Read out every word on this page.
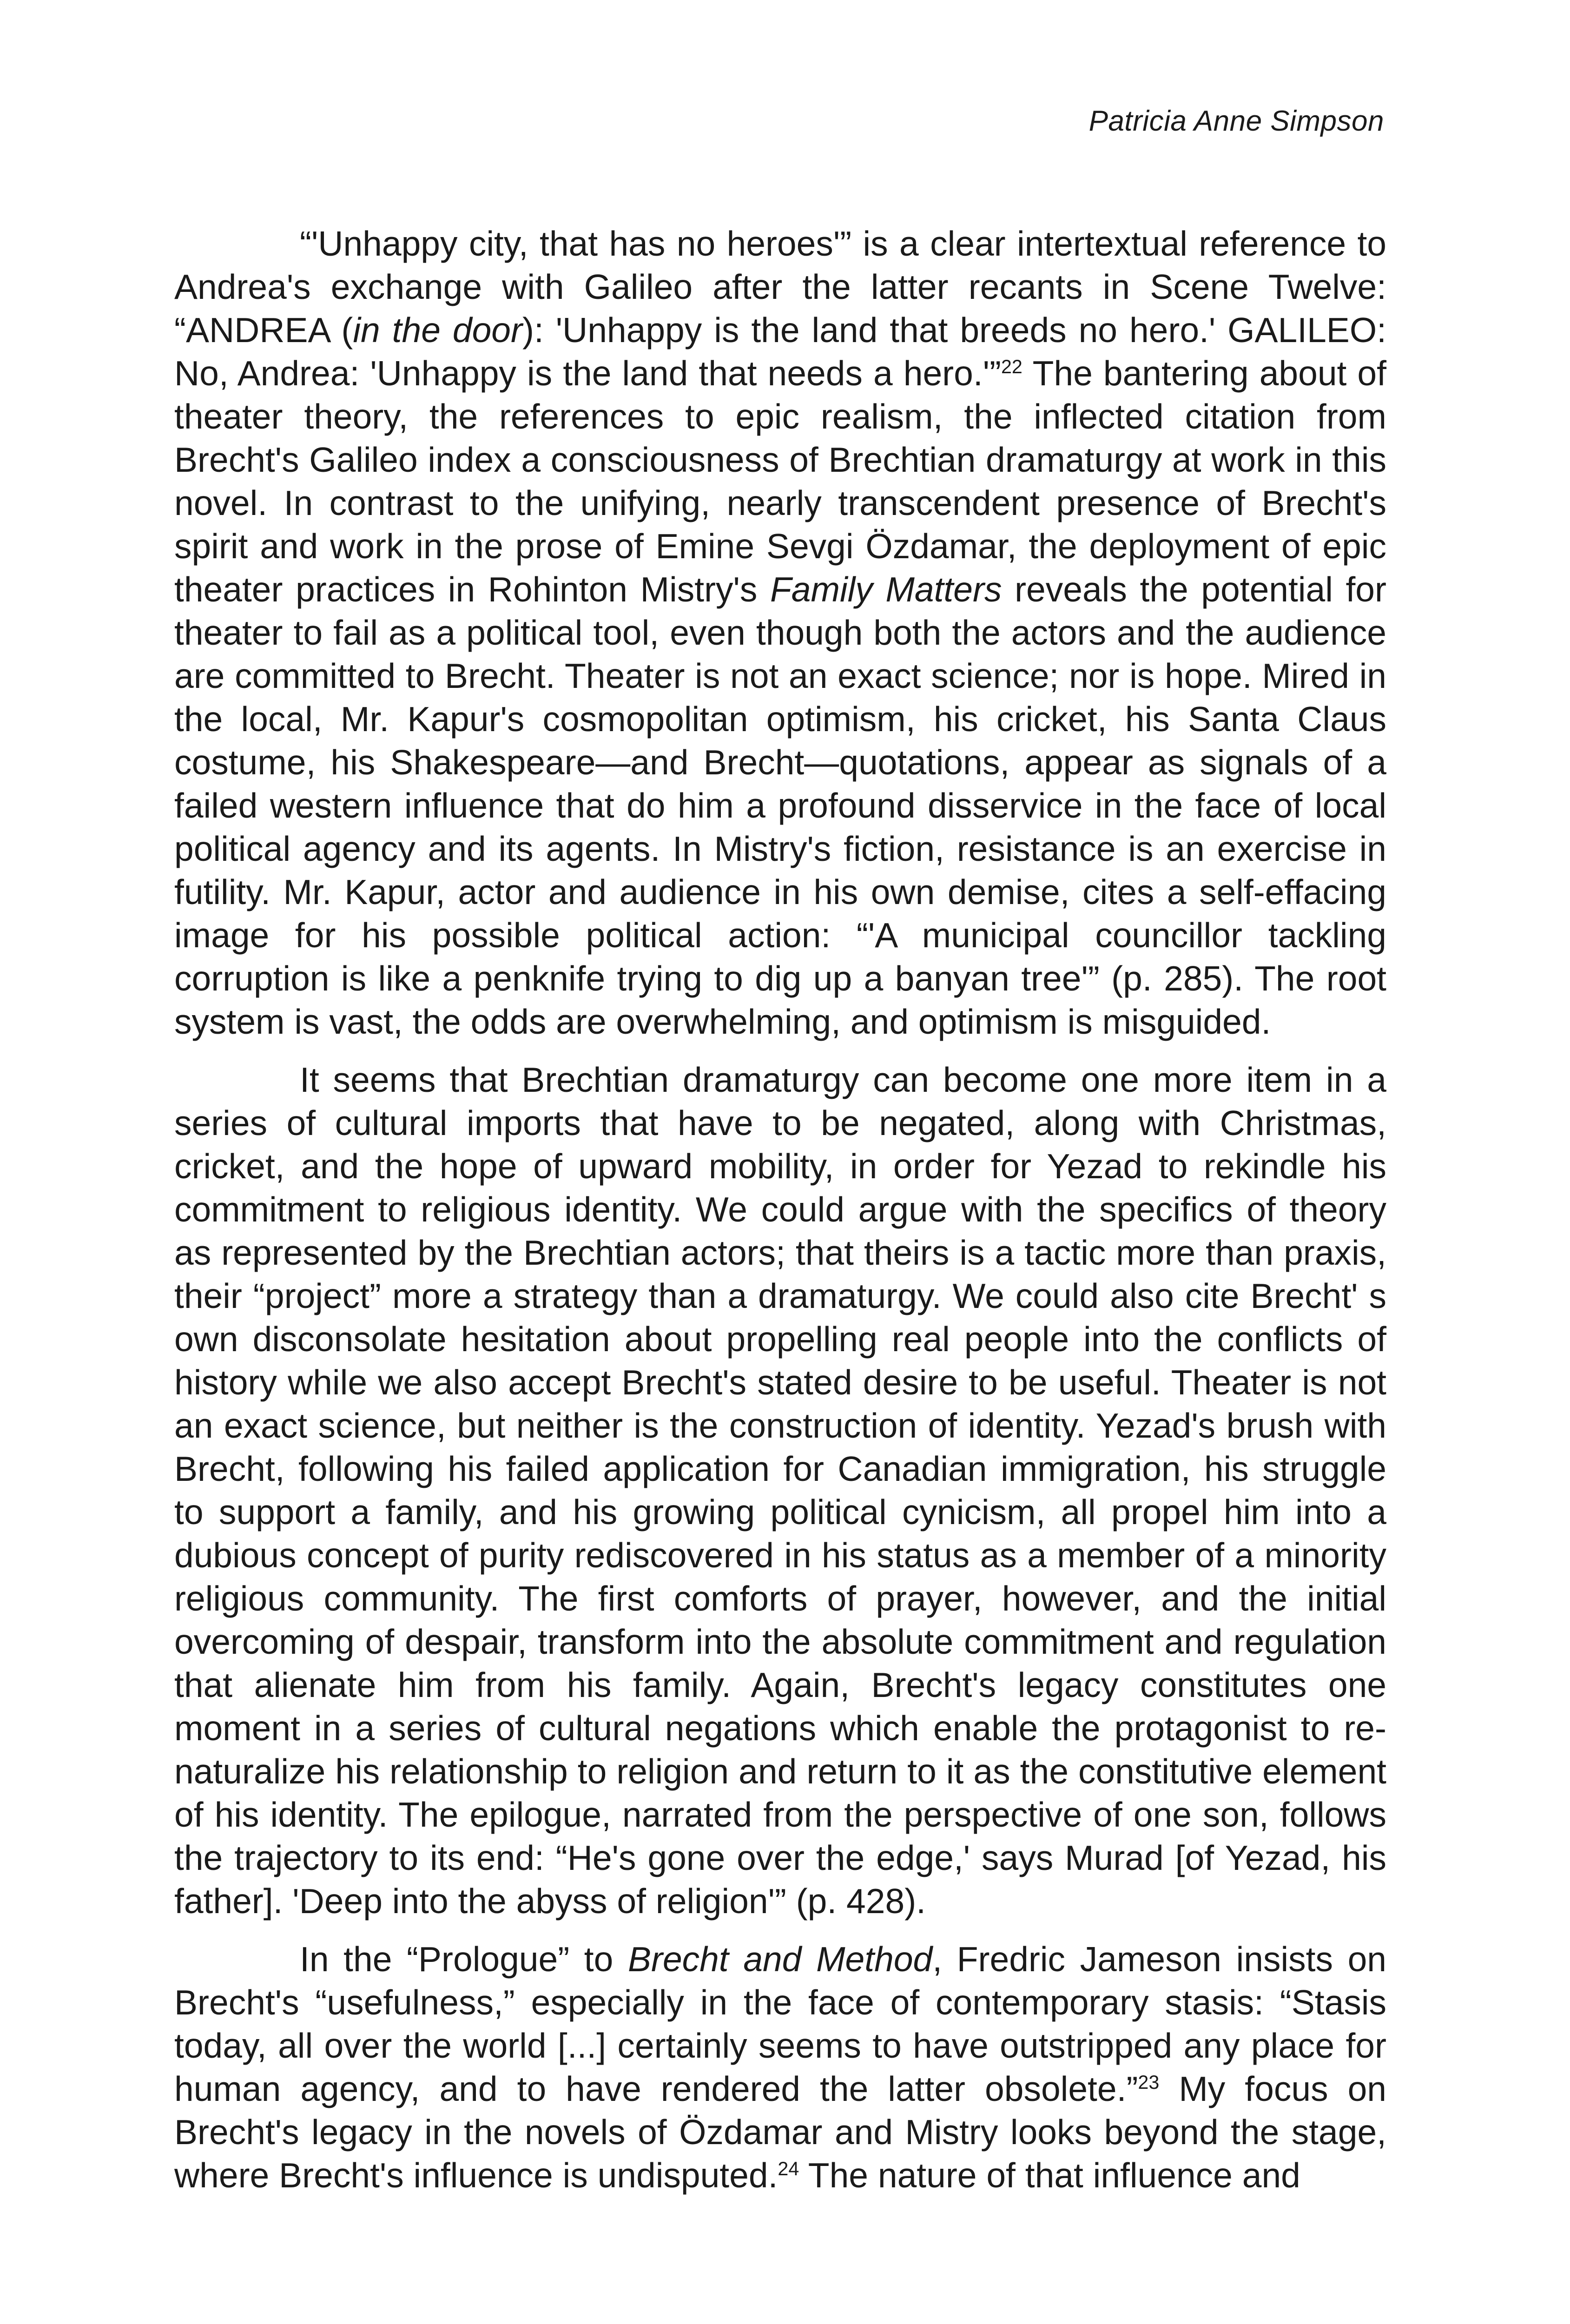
Patricia Anne Simpson

“'Unhappy city, that has no heroes'” is a clear intertextual reference to Andrea's exchange with Galileo after the latter recants in Scene Twelve: “ANDREA (in the door): 'Unhappy is the land that breeds no hero.' GALILEO: No, Andrea: 'Unhappy is the land that needs a hero.'”$^{22}$ The bantering about of theater theory, the references to epic realism, the inflected citation from Brecht's Galileo index a consciousness of Brechtian dramaturgy at work in this novel. In contrast to the unifying, nearly transcendent presence of Brecht's spirit and work in the prose of Emine Sevgi Özdamar, the deployment of epic theater practices in Rohinton Mistry's Family Matters reveals the potential for theater to fail as a political tool, even though both the actors and the audience are committed to Brecht. Theater is not an exact science; nor is hope. Mired in the local, Mr. Kapur's cosmopolitan optimism, his cricket, his Santa Claus costume, his Shakespeare—and Brecht—quotations, appear as signals of a failed western influence that do him a profound disservice in the face of local political agency and its agents. In Mistry's fiction, resistance is an exercise in futility. Mr. Kapur, actor and audience in his own demise, cites a self-effacing image for his possible political action: “'A municipal councillor tackling corruption is like a penknife trying to dig up a banyan tree'” (p. 285). The root system is vast, the odds are overwhelming, and optimism is misguided.

It seems that Brechtian dramaturgy can become one more item in a series of cultural imports that have to be negated, along with Christmas, cricket, and the hope of upward mobility, in order for Yezad to rekindle his commitment to religious identity. We could argue with the specifics of theory as represented by the Brechtian actors; that theirs is a tactic more than praxis, their “project” more a strategy than a dramaturgy. We could also cite Brecht' s own disconsolate hesitation about propelling real people into the conflicts of history while we also accept Brecht's stated desire to be useful. Theater is not an exact science, but neither is the construction of identity. Yezad's brush with Brecht, following his failed application for Canadian immigration, his struggle to support a family, and his growing political cynicism, all propel him into a dubious concept of purity rediscovered in his status as a member of a minority religious community. The first comforts of prayer, however, and the initial overcoming of despair, transform into the absolute commitment and regulation that alienate him from his family. Again, Brecht's legacy constitutes one moment in a series of cultural negations which enable the protagonist to re-naturalize his relationship to religion and return to it as the constitutive element of his identity. The epilogue, narrated from the perspective of one son, follows the trajectory to its end: “He's gone over the edge,' says Murad [of Yezad, his father]. 'Deep into the abyss of religion'” (p. 428).

In the “Prologue” to Brecht and Method, Fredric Jameson insists on Brecht's “usefulness,” especially in the face of contemporary stasis: “Stasis today, all over the world [...] certainly seems to have outstripped any place for human agency, and to have rendered the latter obsolete.”$^{23}$ My focus on Brecht's legacy in the novels of Özdamar and Mistry looks beyond the stage, where Brecht's influence is undisputed.$^{24}$ The nature of that influence and
